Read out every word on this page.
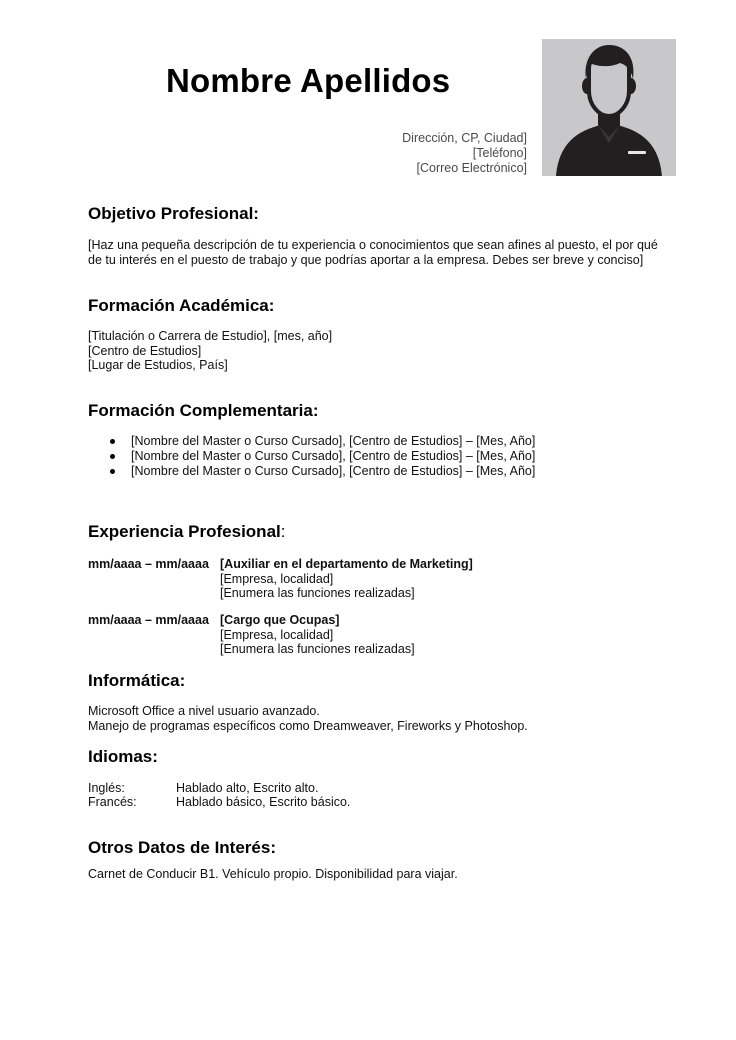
Nombre Apellidos
Dirección, CP, Ciudad]
[Teléfono]
[Correo Electrónico]
Objetivo Profesional:
[Haz una pequeña descripción de tu experiencia o conocimientos que sean afines al puesto, el por qué
de tu interés en el puesto de trabajo y que podrías aportar a la empresa. Debes ser breve y conciso]
Formación Académica:
[Titulación o Carrera de Estudio], [mes, año]
[Centro de Estudios]
[Lugar de Estudios, País]
Formación Complementaria:
[Nombre del Master o Curso Cursado], [Centro de Estudios] – [Mes, Año]
[Nombre del Master o Curso Cursado], [Centro de Estudios] – [Mes, Año]
[Nombre del Master o Curso Cursado], [Centro de Estudios] – [Mes, Año]
Experiencia Profesional:
mm/aaaa – mm/aaaa [Auxiliar en el departamento de Marketing]
[Empresa, localidad]
[Enumera las funciones realizadas]
mm/aaaa – mm/aaaa [Cargo que Ocupas]
[Empresa, localidad]
[Enumera las funciones realizadas]
Informática:
Microsoft Office a nivel usuario avanzado.
Manejo de programas específicos como Dreamweaver, Fireworks y Photoshop.
Idiomas:
Inglés:	Hablado alto, Escrito alto.
Francés:	Hablado básico, Escrito básico.
Otros Datos de Interés:
Carnet de Conducir B1. Vehículo propio. Disponibilidad para viajar.
